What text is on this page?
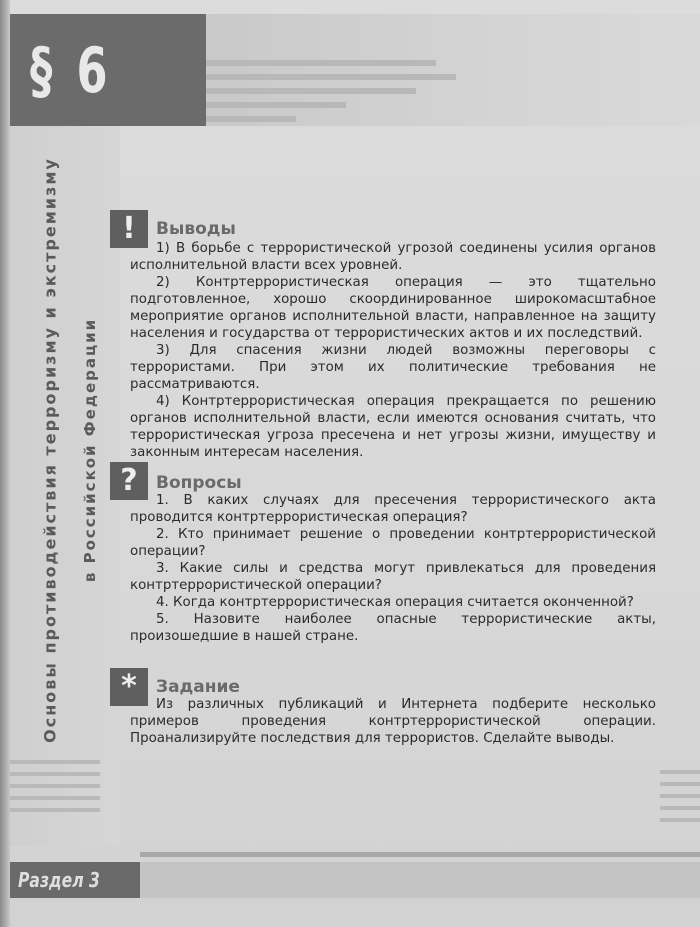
§ 6
Основы противодействия терроризму и экстремизму в Российской Федерации
!	Выводы

1) В борьбе с террористической угрозой соединены усилия органов исполнительной власти всех уровней.

2) Контртеррористическая операция — это тщательно подготовленное, хорошо скоординированное широкомасштабное мероприятие органов исполнительной власти, направленное на защиту населения и государства от террористических актов и их последствий.

3) Для спасения жизни людей возможны переговоры с террористами. При этом их политические требования не рассматриваются.

4) Контртеррористическая операция прекращается по решению органов исполнительной власти, если имеются основания считать, что террористическая угроза пресечена и нет угрозы жизни, имуществу и законным интересам населения.

?	Вопросы

1. В каких случаях для пресечения террористического акта проводится контртеррористическая операция?

2. Кто принимает решение о проведении контртеррористической операции?

3. Какие силы и средства могут привлекаться для проведения контртеррористической операции?

4. Когда контртеррористическая операция считается оконченной?

5. Назовите наиболее опасные террористические акты, произошедшие в нашей стране.

*	Задание

Из различных публикаций и Интернета подберите несколько примеров проведения контртеррористической операции. Проанализируйте последствия для террористов. Сделайте выводы.

Раздел 3
